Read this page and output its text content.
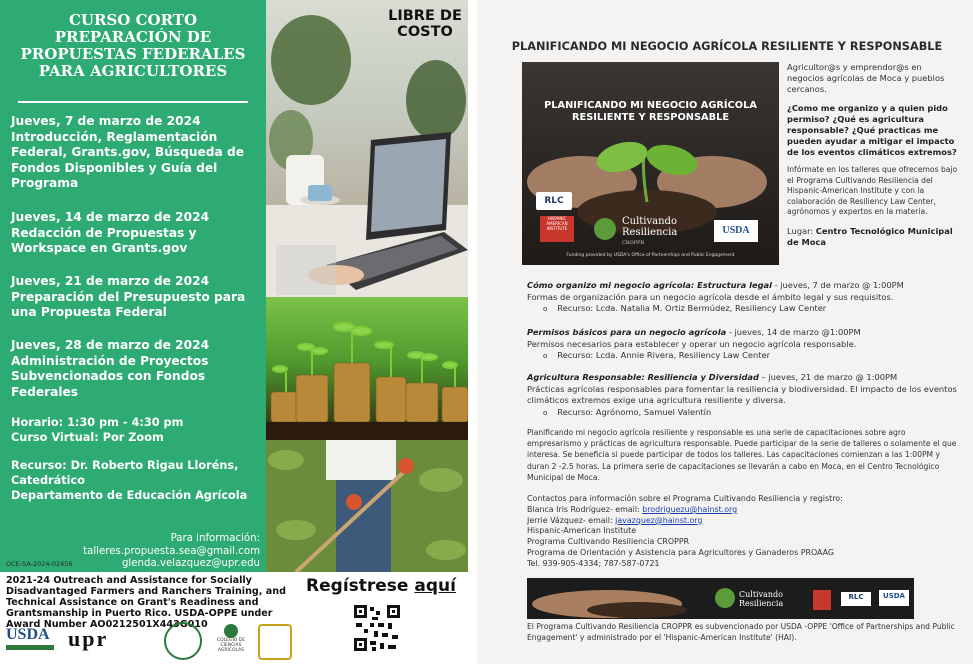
CURSO CORTO
PREPARACIÓN DE
PROPUESTAS FEDERALES
PARA AGRICULTORES
Jueves, 7 de marzo de 2024
Introducción, Reglamentación Federal, Grants.gov, Búsqueda de Fondos Disponibles y Guía del Programa
Jueves, 14 de marzo de 2024
Redacción de Propuestas y Workspace en Grants.gov
Jueves, 21 de marzo de 2024
Preparación del Presupuesto para una Propuesta Federal
Jueves, 28 de marzo de 2024
Administración de Proyectos Subvencionados con Fondos Federales
Horario: 1:30 pm - 4:30 pm
Curso Virtual: Por Zoom
Recurso: Dr. Roberto Rigau Lloréns,
Catedrático
Departamento de Educación Agrícola
Para información:
talleres.propuesta.sea@gmail.com
glenda.velazquez@upr.edu
OCE-SA-2024-02456
LIBRE DE
COSTO
2021-24 Outreach and Assistance for Socially Disadvantaged Farmers and Ranchers Training, and Technical Assistance on Grant's Readiness and Grantsmanship in Puerto Rico. USDA-OPPE under Award Number AO0212501X443G010
Regístrese aquí
USDA upr	COLEGIO DE CIENCIAS AGRÍCOLAS
PLANIFICANDO MI NEGOCIO AGRÍCOLA RESILIENTE Y RESPONSABLE
PLANIFICANDO MI NEGOCIO AGRÍCOLA RESILIENTE Y RESPONSABLE
RLC
HISPANIC AMERICAN INSTITUTE
Cultivando Resiliencia
CROPPR
USDA
Funding provided by USDA's Office of Partnerships and Public Engagement
Agricultor@s y emprendor@s en negocios agrícolas de Moca y pueblos cercanos.
¿Como me organizo y a quien pido permiso? ¿Qué es agricultura responsable? ¿Qué practicas me pueden ayudar a mitigar el impacto de los eventos climáticos extremos?
Infórmate en los talleres que ofrecemos bajo el Programa Cultivando Resiliencia del Hispanic-American Institute y con la colaboración de Resiliency Law Center, agrónomos y expertos en la materia.
Lugar: Centro Tecnológico Municipal de Moca
Cómo organizo mi negocio agrícola: Estructura legal - jueves, 7 de marzo @ 1:00PM
Formas de organización para un negocio agrícola desde el ámbito legal y sus requisitos.
o Recurso: Lcda. Natalia M. Ortiz Bermúdez, Resiliency Law Center
Permisos básicos para un negocio agrícola - jueves, 14 de marzo @1:00PM
Permisos necesarios para establecer y operar un negocio agrícola responsable.
o Recurso: Lcda. Annie Rivera, Resiliency Law Center
Agricultura Responsable: Resiliencia y Diversidad – jueves, 21 de marzo @ 1:00PM
Prácticas agrícolas responsables para fomentar la resiliencia y biodiversidad. El impacto de los eventos climáticos extremos exige una agricultura resiliente y diversa.
o Recurso: Agrónomo, Samuel Valentín
Planificando mi negocio agrícola resiliente y responsable es una serie de capacitaciones sobre agro empresarismo y prácticas de agricultura responsable. Puede participar de la serie de talleres o solamente el que interesa. Se beneficia si puede participar de todos los talleres. Las capacitaciones comienzan a las 1:00PM y duran 2 -2.5 horas. La primera serie de capacitaciones se llevarán a cabo en Moca, en el Centro Tecnológico Municipal de Moca.
Contactos para información sobre el Programa Cultivando Resiliencia y registro:
Blanca Iris Rodríguez- email: brodriguezu@hainst.org
Jerrie Vázquez- email: javazquez@hainst.org
Hispanic-American Institute
Programa Cultivando Resiliencia CROPPR
Programa de Orientación y Asistencia para Agricultores y Ganaderos PROAAG
Tel. 939-905-4334; 787-587-0721
Cultivando Resiliencia
RLC	USDA
El Programa Cultivando Resiliencia CROPPR es subvencionado por USDA -OPPE 'Office of Partnerships and Public Engagement' y administrado por el 'Hispanic-American Institute' (HAI).
